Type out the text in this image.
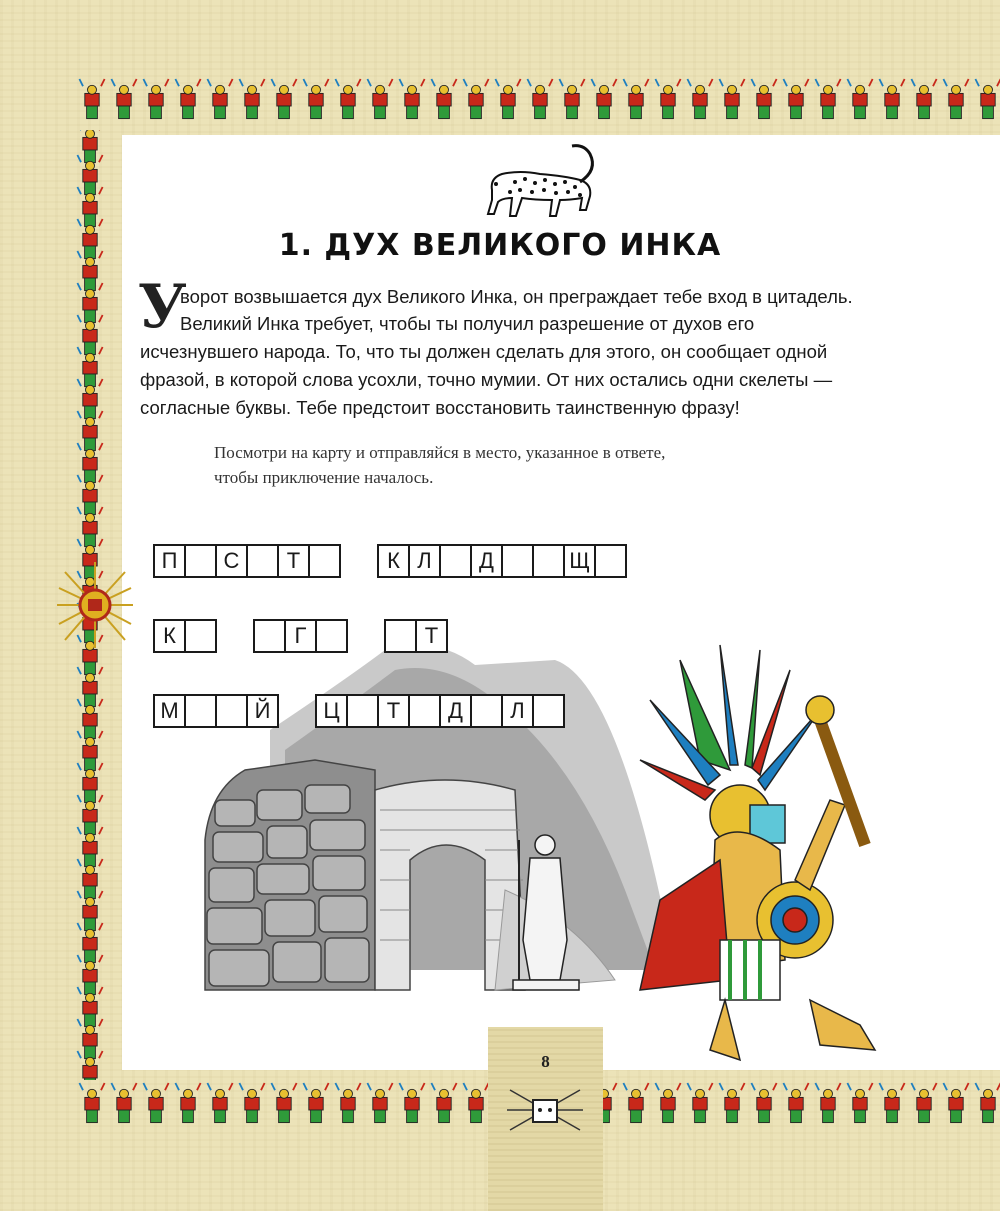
1. ДУХ ВЕЛИКОГО ИНКА
У
ворот возвышается дух Великого Инка, он преграждает тебе вход в цитадель.
Великий Инка требует, чтобы ты получил разрешение от духов его
исчезнувшего народа. То, что ты должен сделать для этого, он сообщает одной
фразой, в которой слова усохли, точно мумии. От них остались одни скелеты —
согласные буквы. Тебе предстоит восстановить таинственную фразу!
Посмотри на карту и отправляйся в место, указанное в ответе,
чтобы приключение началось.
П	С	Т	К Л	Д	Щ
К	Г	Т
М	Й	Ц	Т	Д	Л
8
